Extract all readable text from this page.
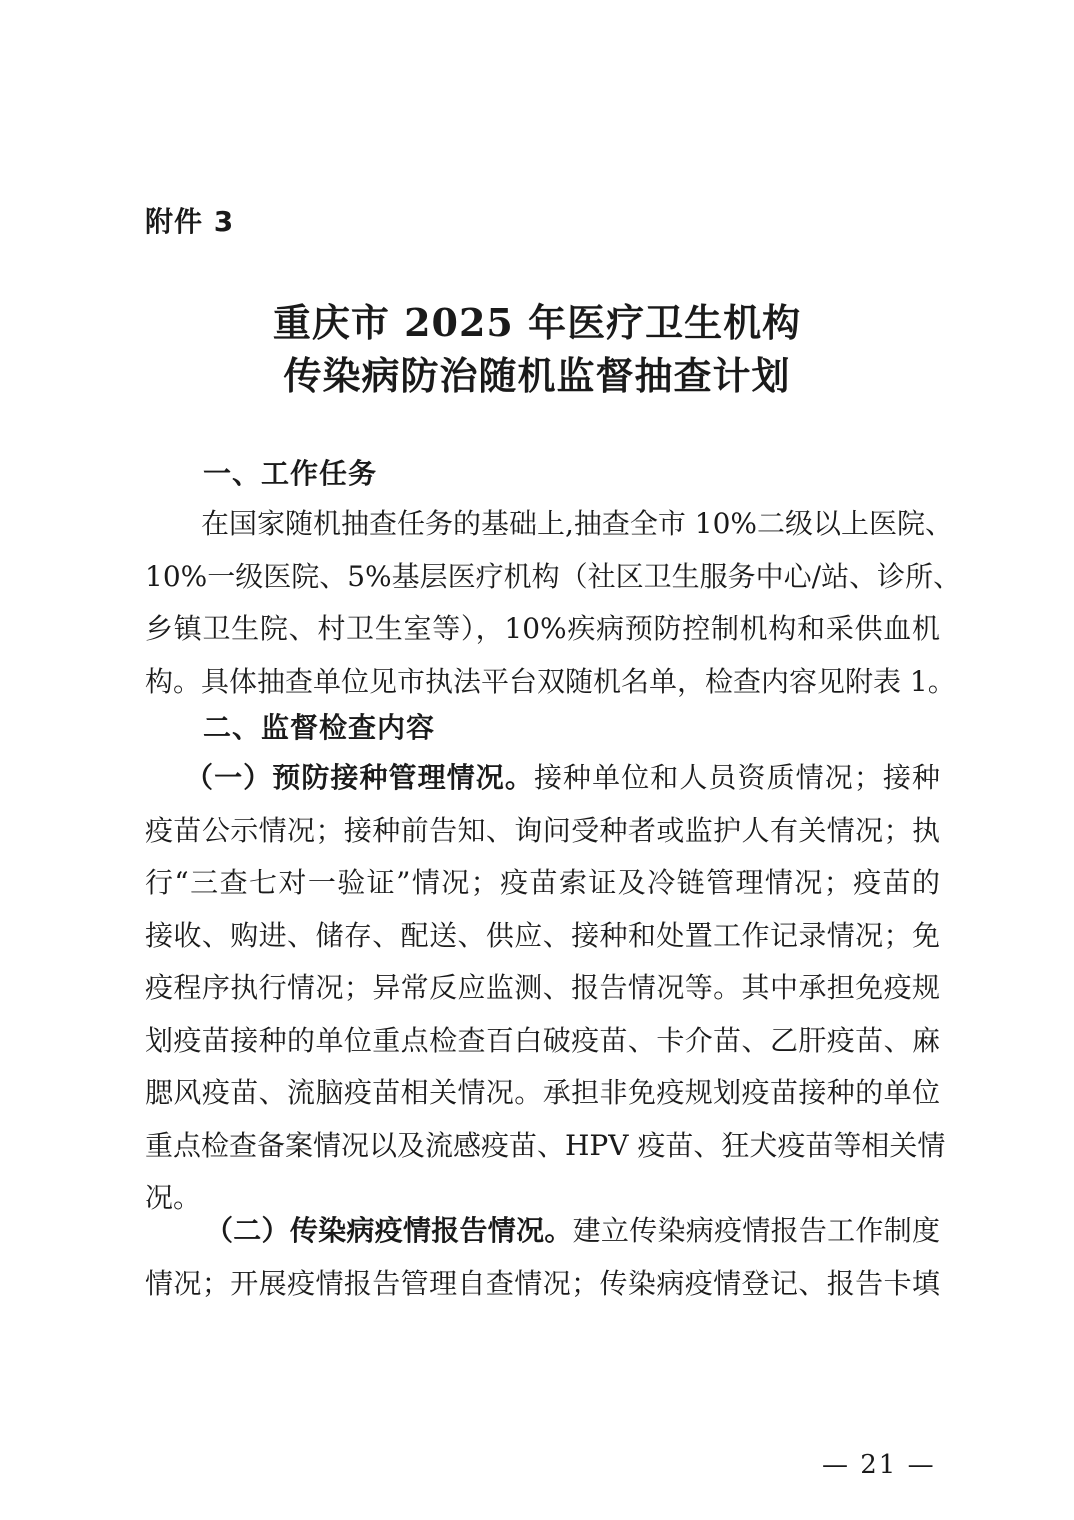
附件 3
重庆市 2025 年医疗卫生机构
传染病防治随机监督抽查计划
一、工作任务
在国家随机抽查任务的基础上,抽查全市 10%二级以上医院、
10%一级医院、5%基层医疗机构（社区卫生服务中心/站、诊所、
乡镇卫生院、村卫生室等），10%疾病预防控制机构和采供血机
构。具体抽查单位见市执法平台双随机名单，检查内容见附表 1。
二、监督检查内容
（一）预防接种管理情况。接种单位和人员资质情况；接种
疫苗公示情况；接种前告知、询问受种者或监护人有关情况；执
行“三查七对一验证”情况；疫苗索证及冷链管理情况；疫苗的
接收、购进、储存、配送、供应、接种和处置工作记录情况；免
疫程序执行情况；异常反应监测、报告情况等。其中承担免疫规
划疫苗接种的单位重点检查百白破疫苗、卡介苗、乙肝疫苗、麻
腮风疫苗、流脑疫苗相关情况。承担非免疫规划疫苗接种的单位
重点检查备案情况以及流感疫苗、HPV 疫苗、狂犬疫苗等相关情
况。
（二）传染病疫情报告情况。建立传染病疫情报告工作制度
情况；开展疫情报告管理自查情况；传染病疫情登记、报告卡填
— 21 —
